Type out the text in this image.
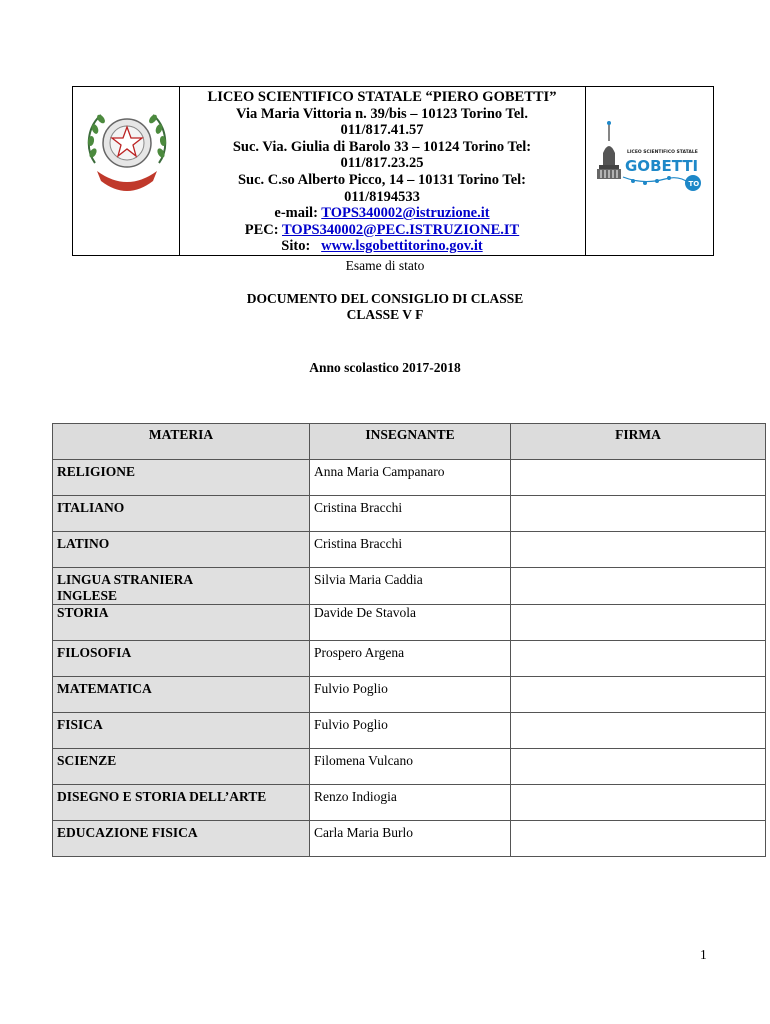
LICEO SCIENTIFICO STATALE “PIERO GOBETTI”
Via Maria Vittoria n. 39/bis – 10123 Torino Tel.
011/817.41.57
Suc. Via. Giulia di Barolo 33 – 10124 Torino Tel:
011/817.23.25
Suc. C.so Alberto Picco, 14 – 10131 Torino Tel:
011/8194533
e-mail: TOPS340002@istruzione.it
PEC: TOPS340002@PEC.ISTRUZIONE.IT
Sito: www.lsgobettitorino.gov.it
LICEO SCIENTIFICO STATALE
GOBETTI
TO
Esame di stato
DOCUMENTO DEL CONSIGLIO DI CLASSE
CLASSE V F
Anno scolastico 2017-2018
MATERIA	INSEGNANTE	FIRMA
RELIGIONE	Anna Maria Campanaro	
ITALIANO	Cristina Bracchi	
LATINO	Cristina Bracchi	
LINGUA STRANIERA INGLESE	Silvia Maria Caddia	
STORIA	Davide De Stavola	
FILOSOFIA	Prospero Argena	
MATEMATICA	Fulvio Poglio	
FISICA	Fulvio Poglio	
SCIENZE	Filomena Vulcano	
DISEGNO E STORIA DELL’ARTE	Renzo Indiogia	
EDUCAZIONE FISICA	Carla Maria Burlo	
1
